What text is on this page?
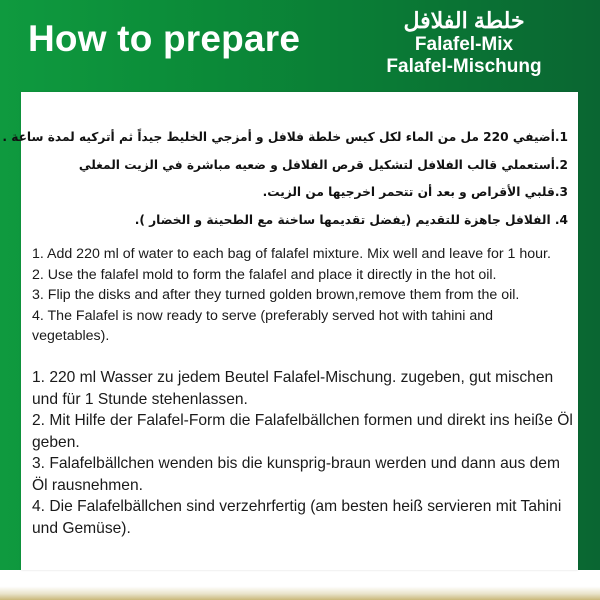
How to prepare	خلطة الفلافل
Falafel-Mix
Falafel-Mischung
1.أضيفي 220 مل من الماء لكل كيس خلطة فلافل و أمزجي الخليط جيداً ثم أتركيه لمدة ساعة .
2.أستعملي قالب الفلافل لتشكيل قرص الفلافل و ضعيه مباشرة في الزيت المغلي
3.قلبي الأقراص و بعد أن تتحمر اخرجيها من الزيت.
4. الفلافل جاهزة للتقديم (يفضل تقديمها ساخنة مع الطحينة و الخضار ).
1. Add 220 ml of water to each bag of falafel mixture. Mix well and leave for 1 hour.
2. Use the falafel mold to form the falafel and place it directly in the hot oil.
3. Flip the disks and after they turned golden brown,remove them from the oil.
4. The Falafel is now ready to serve (preferably served hot with tahini and vegetables).
1. 220 ml Wasser zu jedem Beutel Falafel-Mischung. zugeben, gut mischen und für 1 Stunde stehenlassen.
2. Mit Hilfe der Falafel-Form die Falafelbällchen formen und direkt ins heiße Öl geben.
3. Falafelbällchen wenden bis die kunsprig-braun werden und dann aus dem Öl rausnehmen.
4. Die Falafelbällchen sind verzehrfertig (am besten heiß servieren mit Tahini und Gemüse).
